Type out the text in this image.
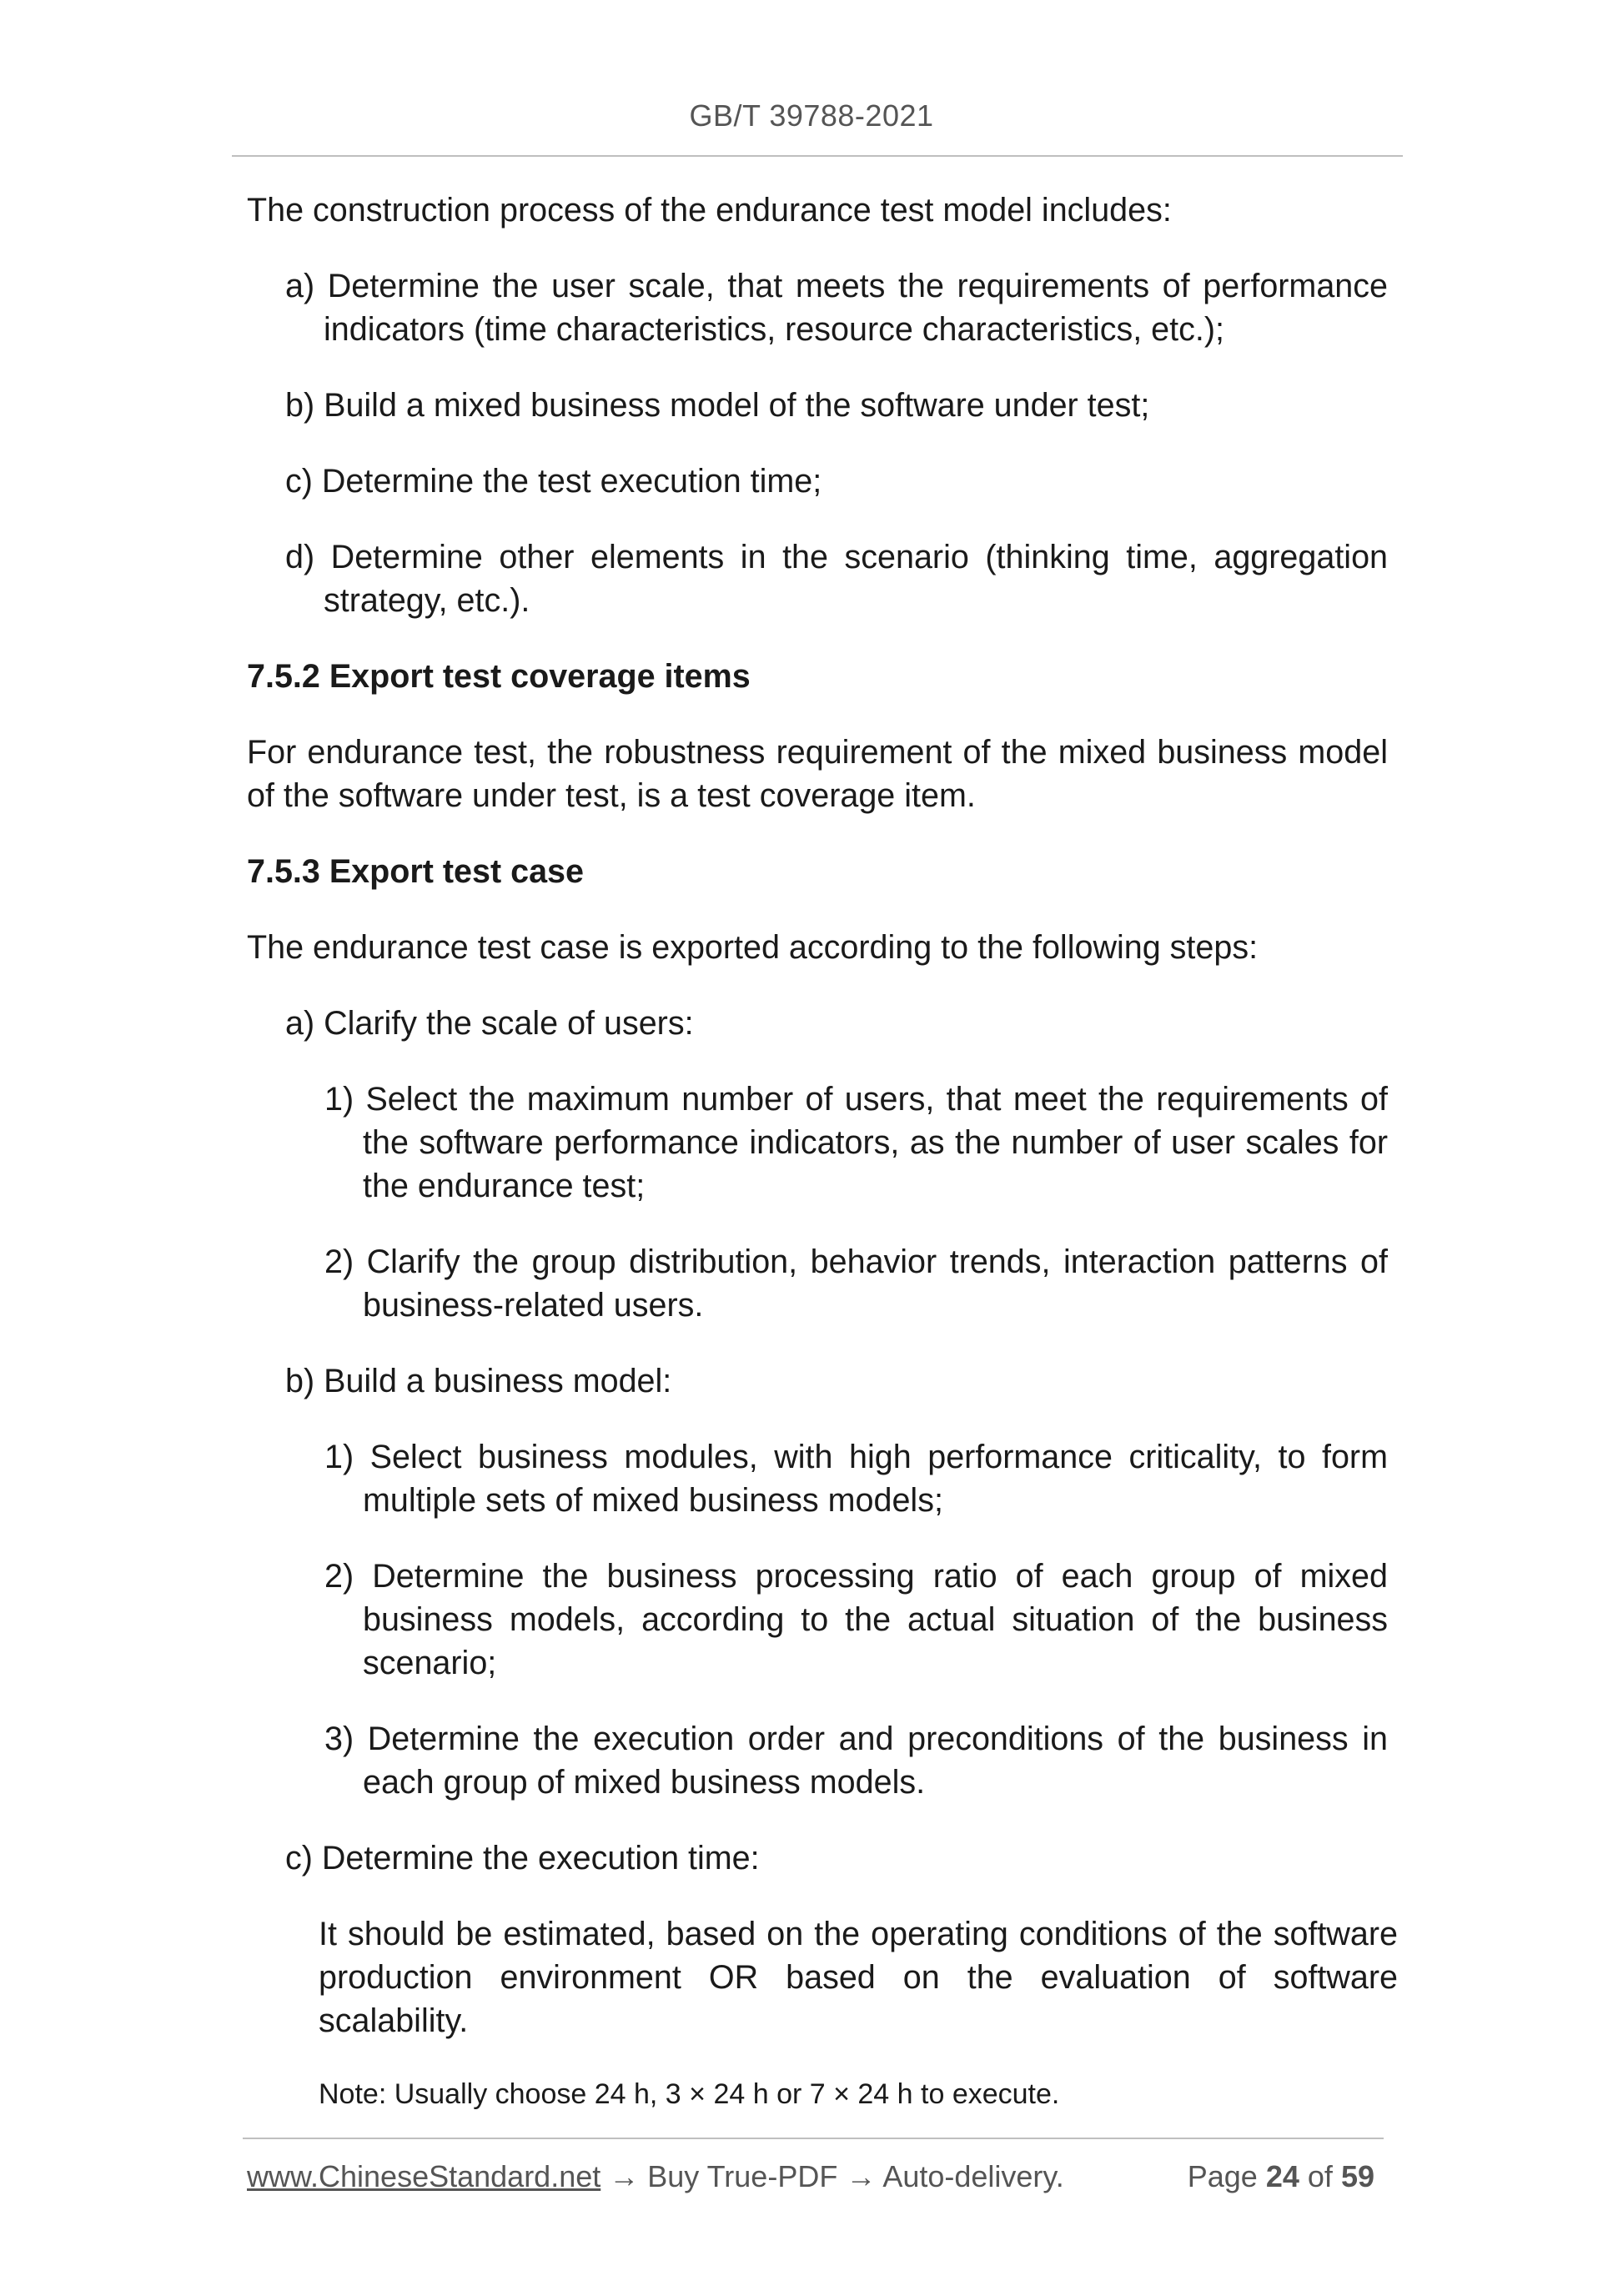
GB/T 39788-2021

The construction process of the endurance test model includes:

a) Determine the user scale, that meets the requirements of performance indicators (time characteristics, resource characteristics, etc.);

b) Build a mixed business model of the software under test;

c) Determine the test execution time;

d) Determine other elements in the scenario (thinking time, aggregation strategy, etc.).

7.5.2 Export test coverage items

For endurance test, the robustness requirement of the mixed business model of the software under test, is a test coverage item.

7.5.3 Export test case

The endurance test case is exported according to the following steps:

a) Clarify the scale of users:

1) Select the maximum number of users, that meet the requirements of the software performance indicators, as the number of user scales for the endurance test;

2) Clarify the group distribution, behavior trends, interaction patterns of business-related users.

b) Build a business model:

1) Select business modules, with high performance criticality, to form multiple sets of mixed business models;

2) Determine the business processing ratio of each group of mixed business models, according to the actual situation of the business scenario;

3) Determine the execution order and preconditions of the business in each group of mixed business models.

c) Determine the execution time:

It should be estimated, based on the operating conditions of the software production environment OR based on the evaluation of software scalability.

Note: Usually choose 24 h, 3 × 24 h or 7 × 24 h to execute.

www.ChineseStandard.net → Buy True-PDF → Auto-delivery.	Page 24 of 59
